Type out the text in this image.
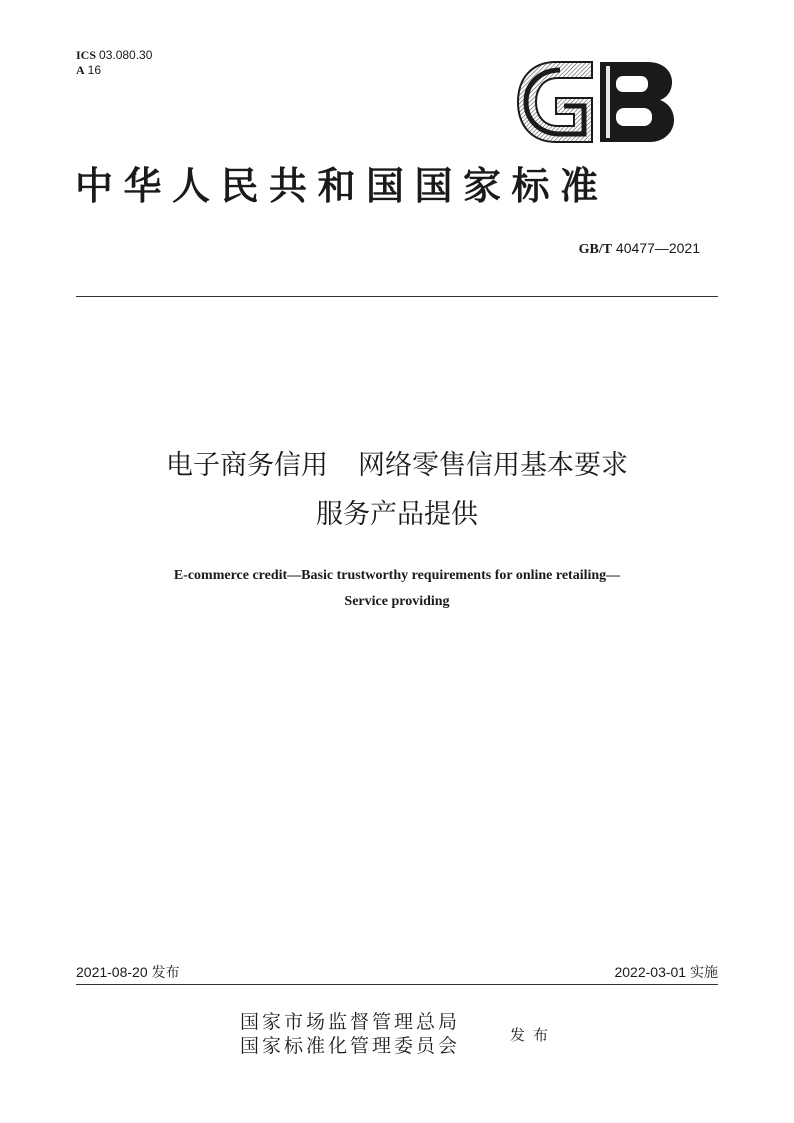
ICS 03.080.30
A 16
中华人民共和国国家标准
GB/T 40477—2021
电子商务信用 网络零售信用基本要求
服务产品提供
E-commerce credit—Basic trustworthy requirements for online retailing—
Service providing
2021-08-20 发布	2022-03-01 实施
国家市场监督管理总局
国家标准化管理委员会	发布
